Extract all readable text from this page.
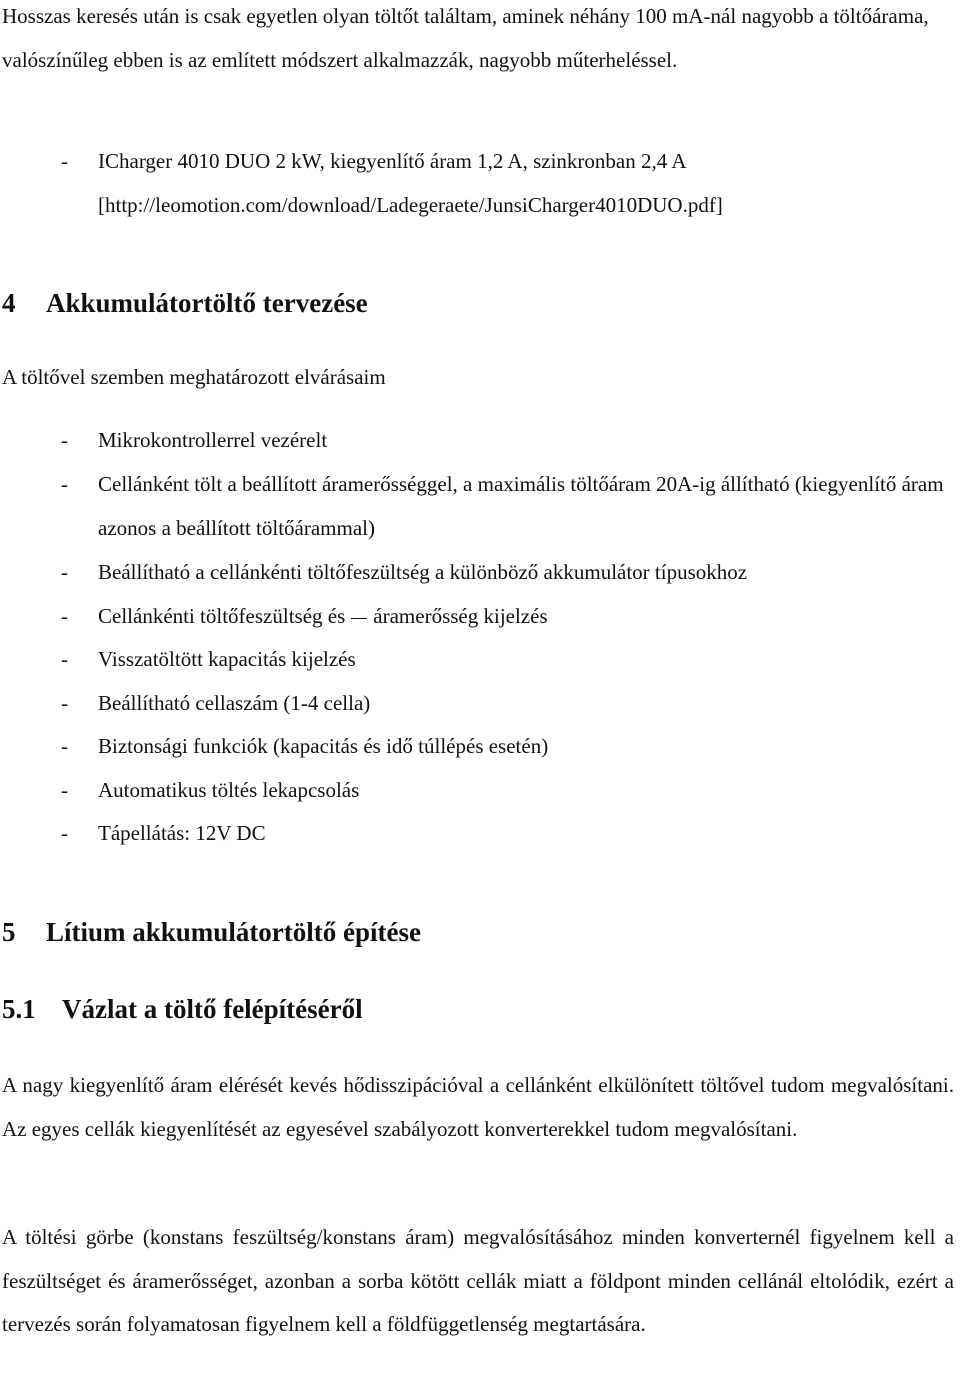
Hosszas keresés után is csak egyetlen olyan töltőt találtam, aminek néhány 100 mA-nál nagyobb a töltőárama, valószínűleg ebben is az említett módszert alkalmazzák, nagyobb műterheléssel.

- ICharger 4010 DUO 2 kW, kiegyenlítő áram 1,2 A, szinkronban 2,4 A [http://leomotion.com/download/Ladegeraete/JunsiCharger4010DUO.pdf]
4 Akkumulátortöltő tervezése

A töltővel szemben meghatározott elvárásaim

- Mikrokontrollerrel vezérelt
- Cellánként tölt a beállított áramerősséggel, a maximális töltőáram 20A-ig állítható (kiegyenlítő áram azonos a beállított töltőárammal)
- Beállítható a cellánkénti töltőfeszültség a különböző akkumulátor típusokhoz
- Cellánkénti töltőfeszültség és áramerősség kijelzés
- Visszatöltött kapacitás kijelzés
- Beállítható cellaszám (1-4 cella)
- Biztonsági funkciók (kapacitás és idő túllépés esetén)
- Automatikus töltés lekapcsolás
- Tápellátás: 12V DC
5 Lítium akkumulátortöltő építése
5.1 Vázlat a töltő felépítéséről

A nagy kiegyenlítő áram elérését kevés hődisszipációval a cellánként elkülönített töltővel tudom megvalósítani. Az egyes cellák kiegyenlítését az egyesével szabályozott konverterekkel tudom megvalósítani.

A töltési görbe (konstans feszültség/konstans áram) megvalósításához minden konverternél figyelnem kell a feszültséget és áramerősséget, azonban a sorba kötött cellák miatt a földpont minden cellánál eltolódik, ezért a tervezés során folyamatosan figyelnem kell a földfüggetlenség megtartására.
